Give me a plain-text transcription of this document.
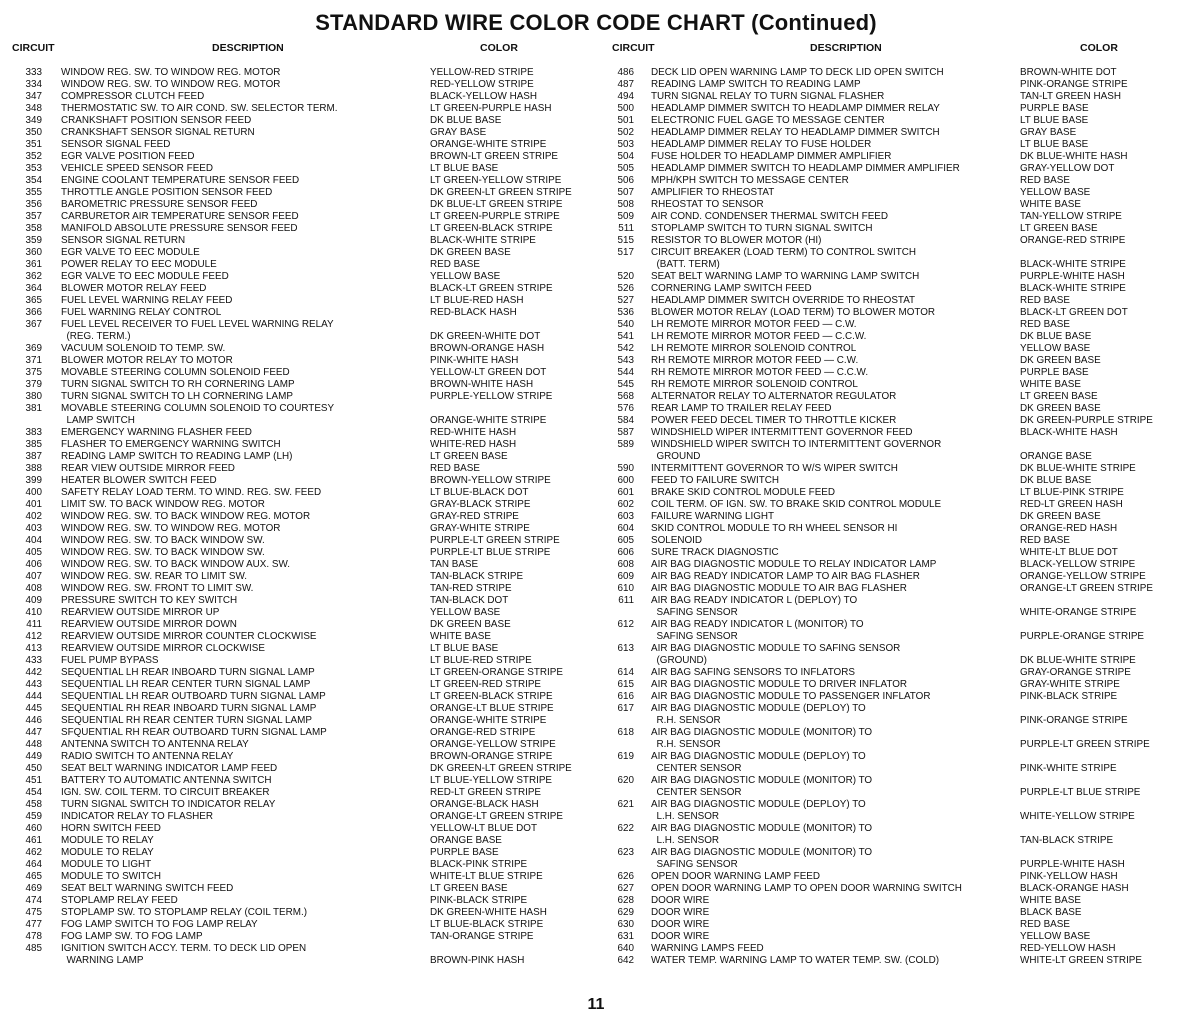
STANDARD WIRE COLOR CODE CHART (Continued)
CIRCUIT	DESCRIPTION	COLOR	CIRCUIT	DESCRIPTION	COLOR
333 WINDOW REG. SW. TO WINDOW REG. MOTOR	YELLOW-RED STRIPE
334 WINDOW REG. SW. TO WINDOW REG. MOTOR	RED-YELLOW STRIPE
347 COMPRESSOR CLUTCH FEED	BLACK-YELLOW HASH
348 THERMOSTATIC SW. TO AIR COND. SW. SELECTOR TERM.	LT GREEN-PURPLE HASH
349 CRANKSHAFT POSITION SENSOR FEED	DK BLUE BASE
350 CRANKSHAFT SENSOR SIGNAL RETURN	GRAY BASE
351 SENSOR SIGNAL FEED	ORANGE-WHITE STRIPE
352 EGR VALVE POSITION FEED	BROWN-LT GREEN STRIPE
353 VEHICLE SPEED SENSOR FEED	LT BLUE BASE
354 ENGINE COOLANT TEMPERATURE SENSOR FEED	LT GREEN-YELLOW STRIPE
355 THROTTLE ANGLE POSITION SENSOR FEED	DK GREEN-LT GREEN STRIPE
356 BAROMETRIC PRESSURE SENSOR FEED	DK BLUE-LT GREEN STRIPE
357 CARBURETOR AIR TEMPERATURE SENSOR FEED	LT GREEN-PURPLE STRIPE
358 MANIFOLD ABSOLUTE PRESSURE SENSOR FEED	LT GREEN-BLACK STRIPE
359 SENSOR SIGNAL RETURN	BLACK-WHITE STRIPE
360 EGR VALVE TO EEC MODULE	DK GREEN BASE
361 POWER RELAY TO EEC MODULE	RED BASE
362 EGR VALVE TO EEC MODULE FEED	YELLOW BASE
364 BLOWER MOTOR RELAY FEED	BLACK-LT GREEN STRIPE
365 FUEL LEVEL WARNING RELAY FEED	LT BLUE-RED HASH
366 FUEL WARNING RELAY CONTROL	RED-BLACK HASH
367 FUEL LEVEL RECEIVER TO FUEL LEVEL WARNING RELAY
(REG. TERM.)	DK GREEN-WHITE DOT
369 VACUUM SOLENOID TO TEMP. SW.	BROWN-ORANGE HASH
371 BLOWER MOTOR RELAY TO MOTOR	PINK-WHITE HASH
375 MOVABLE STEERING COLUMN SOLENOID FEED	YELLOW-LT GREEN DOT
379 TURN SIGNAL SWITCH TO RH CORNERING LAMP	BROWN-WHITE HASH
380 TURN SIGNAL SWITCH TO LH CORNERING LAMP	PURPLE-YELLOW STRIPE
381 MOVABLE STEERING COLUMN SOLENOID TO COURTESY
LAMP SWITCH	ORANGE-WHITE STRIPE
383 EMERGENCY WARNING FLASHER FEED	RED-WHITE HASH
385 FLASHER TO EMERGENCY WARNING SWITCH	WHITE-RED HASH
387 READING LAMP SWITCH TO READING LAMP (LH)	LT GREEN BASE
388 REAR VIEW OUTSIDE MIRROR FEED	RED BASE
399 HEATER BLOWER SWITCH FEED	BROWN-YELLOW STRIPE
400 SAFETY RELAY LOAD TERM. TO WIND. REG. SW. FEED	LT BLUE-BLACK DOT
401 LIMIT SW. TO BACK WINDOW REG. MOTOR	GRAY-BLACK STRIPE
402 WINDOW REG. SW. TO BACK WINDOW REG. MOTOR	GRAY-RED STRIPE
403 WINDOW REG. SW. TO WINDOW REG. MOTOR	GRAY-WHITE STRIPE
404 WINDOW REG. SW. TO BACK WINDOW SW.	PURPLE-LT GREEN STRIPE
405 WINDOW REG. SW. TO BACK WINDOW SW.	PURPLE-LT BLUE STRIPE
406 WINDOW REG. SW. TO BACK WINDOW AUX. SW.	TAN BASE
407 WINDOW REG. SW. REAR TO LIMIT SW.	TAN-BLACK STRIPE
408 WINDOW REG. SW. FRONT TO LIMIT SW.	TAN-RED STRIPE
409 PRESSURE SWITCH TO KEY SWITCH	TAN-BLACK DOT
410 REARVIEW OUTSIDE MIRROR UP	YELLOW BASE
411 REARVIEW OUTSIDE MIRROR DOWN	DK GREEN BASE
412 REARVIEW OUTSIDE MIRROR COUNTER CLOCKWISE	WHITE BASE
413 REARVIEW OUTSIDE MIRROR CLOCKWISE	LT BLUE BASE
433 FUEL PUMP BYPASS	LT BLUE-RED STRIPE
442 SEQUENTIAL LH REAR INBOARD TURN SIGNAL LAMP	LT GREEN-ORANGE STRIPE
443 SEQUENTIAL LH REAR CENTER TURN SIGNAL LAMP	LT GREEN-RED STRIPE
444 SEQUENTIAL LH REAR OUTBOARD TURN SIGNAL LAMP	LT GREEN-BLACK STRIPE
445 SEQUENTIAL RH REAR INBOARD TURN SIGNAL LAMP	ORANGE-LT BLUE STRIPE
446 SEQUENTIAL RH REAR CENTER TURN SIGNAL LAMP	ORANGE-WHITE STRIPE
447 SFQUENTIAL RH REAR OUTBOARD TURN SIGNAL LAMP	ORANGE-RED STRIPE
448 ANTENNA SWITCH TO ANTENNA RELAY	ORANGE-YELLOW STRIPE
449 RADIO SWITCH TO ANTENNA RELAY	BROWN-ORANGE STRIPE
450 SEAT BELT WARNING INDICATOR LAMP FEED	DK GREEN-LT GREEN STRIPE
451 BATTERY TO AUTOMATIC ANTENNA SWITCH	LT BLUE-YELLOW STRIPE
454 IGN. SW. COIL TERM. TO CIRCUIT BREAKER	RED-LT GREEN STRIPE
458 TURN SIGNAL SWITCH TO INDICATOR RELAY	ORANGE-BLACK HASH
459 INDICATOR RELAY TO FLASHER	ORANGE-LT GREEN STRIPE
460 HORN SWITCH FEED	YELLOW-LT BLUE DOT
461 MODULE TO RELAY	ORANGE BASE
462 MODULE TO RELAY	PURPLE BASE
464 MODULE TO LIGHT	BLACK-PINK STRIPE
465 MODULE TO SWITCH	WHITE-LT BLUE STRIPE
469 SEAT BELT WARNING SWITCH FEED	LT GREEN BASE
474 STOPLAMP RELAY FEED	PINK-BLACK STRIPE
475 STOPLAMP SW. TO STOPLAMP RELAY (COIL TERM.)	DK GREEN-WHITE HASH
477 FOG LAMP SWITCH TO FOG LAMP RELAY	LT BLUE-BLACK STRIPE
478 FOG LAMP SW. TO FOG LAMP	TAN-ORANGE STRIPE
485 IGNITION SWITCH ACCY. TERM. TO DECK LID OPEN
WARNING LAMP	BROWN-PINK HASH
486 DECK LID OPEN WARNING LAMP TO DECK LID OPEN SWITCH	BROWN-WHITE DOT
487 READING LAMP SWITCH TO READING LAMP	PINK-ORANGE STRIPE
494 TURN SIGNAL RELAY TO TURN SIGNAL FLASHER	TAN-LT GREEN HASH
500 HEADLAMP DIMMER SWITCH TO HEADLAMP DIMMER RELAY	PURPLE BASE
501 ELECTRONIC FUEL GAGE TO MESSAGE CENTER	LT BLUE BASE
502 HEADLAMP DIMMER RELAY TO HEADLAMP DIMMER SWITCH	GRAY BASE
503 HEADLAMP DIMMER RELAY TO FUSE HOLDER	LT BLUE BASE
504 FUSE HOLDER TO HEADLAMP DIMMER AMPLIFIER	DK BLUE-WHITE HASH
505 HEADLAMP DIMMER SWITCH TO HEADLAMP DIMMER AMPLIFIER	GRAY-YELLOW DOT
506 MPH/KPH SWITCH TO MESSAGE CENTER	RED BASE
507 AMPLIFIER TO RHEOSTAT	YELLOW BASE
508 RHEOSTAT TO SENSOR	WHITE BASE
509 AIR COND. CONDENSER THERMAL SWITCH FEED	TAN-YELLOW STRIPE
511 STOPLAMP SWITCH TO TURN SIGNAL SWITCH	LT GREEN BASE
515 RESISTOR TO BLOWER MOTOR (HI)	ORANGE-RED STRIPE
517 CIRCUIT BREAKER (LOAD TERM) TO CONTROL SWITCH
(BATT. TERM)	BLACK-WHITE STRIPE
520 SEAT BELT WARNING LAMP TO WARNING LAMP SWITCH	PURPLE-WHITE HASH
526 CORNERING LAMP SWITCH FEED	BLACK-WHITE STRIPE
527 HEADLAMP DIMMER SWITCH OVERRIDE TO RHEOSTAT	RED BASE
536 BLOWER MOTOR RELAY (LOAD TERM) TO BLOWER MOTOR	BLACK-LT GREEN DOT
540 LH REMOTE MIRROR MOTOR FEED — C.W.	RED BASE
541 LH REMOTE MIRROR MOTOR FEED — C.C.W.	DK BLUE BASE
542 LH REMOTE MIRROR SOLENOID CONTROL	YELLOW BASE
543 RH REMOTE MIRROR MOTOR FEED — C.W.	DK GREEN BASE
544 RH REMOTE MIRROR MOTOR FEED — C.C.W.	PURPLE BASE
545 RH REMOTE MIRROR SOLENOID CONTROL	WHITE BASE
568 ALTERNATOR RELAY TO ALTERNATOR REGULATOR	LT GREEN BASE
576 REAR LAMP TO TRAILER RELAY FEED	DK GREEN BASE
584 POWER FEED DECEL TIMER TO THROTTLE KICKER	DK GREEN-PURPLE STRIPE
587 WINDSHIELD WIPER INTERMITTENT GOVERNOR FEED	BLACK-WHITE HASH
589 WINDSHIELD WIPER SWITCH TO INTERMITTENT GOVERNOR
GROUND	ORANGE BASE
590 INTERMITTENT GOVERNOR TO W/S WIPER SWITCH	DK BLUE-WHITE STRIPE
600 FEED TO FAILURE SWITCH	DK BLUE BASE
601 BRAKE SKID CONTROL MODULE FEED	LT BLUE-PINK STRIPE
602 COIL TERM. OF IGN. SW. TO BRAKE SKID CONTROL MODULE	RED-LT GREEN HASH
603 FAILURE WARNING LIGHT	DK GREEN BASE
604 SKID CONTROL MODULE TO RH WHEEL SENSOR HI	ORANGE-RED HASH
605 SOLENOID	RED BASE
606 SURE TRACK DIAGNOSTIC	WHITE-LT BLUE DOT
608 AIR BAG DIAGNOSTIC MODULE TO RELAY INDICATOR LAMP	BLACK-YELLOW STRIPE
609 AIR BAG READY INDICATOR LAMP TO AIR BAG FLASHER	ORANGE-YELLOW STRIPE
610 AIR BAG DIAGNOSTIC MODULE TO AIR BAG FLASHER	ORANGE-LT GREEN STRIPE
611 AIR BAG READY INDICATOR L (DEPLOY) TO
SAFING SENSOR	WHITE-ORANGE STRIPE
612 AIR BAG READY INDICATOR L (MONITOR) TO
SAFING SENSOR	PURPLE-ORANGE STRIPE
613 AIR BAG DIAGNOSTIC MODULE TO SAFING SENSOR
(GROUND)	DK BLUE-WHITE STRIPE
614 AIR BAG SAFING SENSORS TO INFLATORS	GRAY-ORANGE STRIPE
615 AIR BAG DIAGNOSTIC MODULE TO DRIVER INFLATOR	GRAY-WHITE STRIPE
616 AIR BAG DIAGNOSTIC MODULE TO PASSENGER INFLATOR	PINK-BLACK STRIPE
617 AIR BAG DIAGNOSTIC MODULE (DEPLOY) TO
R.H. SENSOR	PINK-ORANGE STRIPE
618 AIR BAG DIAGNOSTIC MODULE (MONITOR) TO
R.H. SENSOR	PURPLE-LT GREEN STRIPE
619 AIR BAG DIAGNOSTIC MODULE (DEPLOY) TO
CENTER SENSOR	PINK-WHITE STRIPE
620 AIR BAG DIAGNOSTIC MODULE (MONITOR) TO
CENTER SENSOR	PURPLE-LT BLUE STRIPE
621 AIR BAG DIAGNOSTIC MODULE (DEPLOY) TO
L.H. SENSOR	WHITE-YELLOW STRIPE
622 AIR BAG DIAGNOSTIC MODULE (MONITOR) TO
L.H. SENSOR	TAN-BLACK STRIPE
623 AIR BAG DIAGNOSTIC MODULE (MONITOR) TO
SAFING SENSOR	PURPLE-WHITE HASH
626 OPEN DOOR WARNING LAMP FEED	PINK-YELLOW HASH
627 OPEN DOOR WARNING LAMP TO OPEN DOOR WARNING SWITCH	BLACK-ORANGE HASH
628 DOOR WIRE	WHITE BASE
629 DOOR WIRE	BLACK BASE
630 DOOR WIRE	RED BASE
631 DOOR WIRE	YELLOW BASE
640 WARNING LAMPS FEED	RED-YELLOW HASH
642 WATER TEMP. WARNING LAMP TO WATER TEMP. SW. (COLD)	WHITE-LT GREEN STRIPE
11
